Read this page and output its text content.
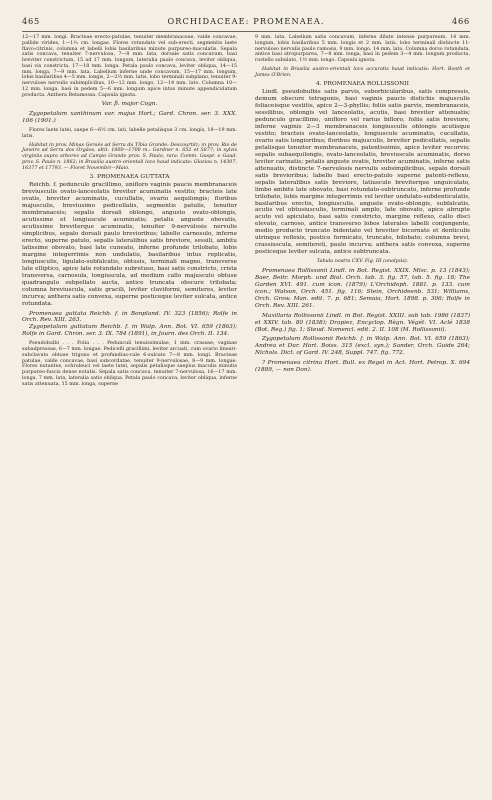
465	ORCHIDACEAE: PROMENAEA.	466

12—17 mm. longi. Bracteae erecto-patulae, tenuiter membranaceae, valde concavae, pallide virides, 1—1⅓ cm. longae. Flores rotundato vel sub-erecti, segmentis laete flavo-citrinis, columna et labelli lobis basilaribus minute purpureo-maculatis. Sepala satis concava, tenuiter 7-nervulosa, 7—8 mm. lata, dorsale satis concavum, basi breviter constrictum, 15 ad 17 mm. longum, lateralia paulo concava, leviter obliqua, basi vix constricta, 17—18 mm. longa. Petala paulo concava, leviter obliqua, 14—15 mm. longa, 7—9 mm. lata. Labellum inferne unde concavum, 15—17 mm. longum, lobis basilaribus 4—5 mm. longis, 2—2½ mm. latis, lobo terminali subplano, tenuiter 9-nervulose nervulis subimplicibus, 10—12 mm. longo, 12—14 mm. lato. Columna 10—12 mm. longa, basi in pedem 5—6 mm. longum apice intus minute appendiculatum producta. Anthera Retamossa. Capsula ignota.

Var. β. major Cogn.

Zygopetalum xanthinum var. majus Hort.; Gard. Chron. ser. 3. XXX. 106 (1901.)

Flores laete lutei, saepe 6—6½ cm. lati, labelle petalisque 3 cm. longis, 18—19 mm. latis.

Habitat in prov. Minas Geraës ad Serra da Tibia Grande: Descourtilz; in prov. Rio de Janeiro ad Serra dos Orgãos, altit. 1600—1700 m.: Gardner n. 652 et 5877; in sylvis virginiis supra arbores ad Campo Grande prov. S. Paulo, rara: Comm. Gaspr. e Gaud. prov. S. Paulo n. 1862; in Brasilia austro-orientali loco haud indicato: Glaziou n. 14307, 16377 et 17793. — Floret Novembri—Maio.

3. PROMENAEA GUTTATA

Reichb. f. pedunculo gracillimo, unifloro vaginis paucis membranaceis breviusculis ovato-lanceolatis breviter acuminatis vestito; bracteis late ovatis, breviter acuminatis, cucullatis, ovario aequilongis; floribus majusculis, breviusimo pedicellatis, segmentis patulis, tenuiter membranaceis; sepalis dorsali oblongo, angusto ovato-oblongis, acutissime et longiuscule acuminatis; petalis anguste obovatis, acutissime breviterque acuminatis, tenuiter 9-nervulosis nervulis simplicibus, sepalo dorsali paulo brevioribus; labello carnosulo, inferne erecto, superne patulo, sepalis lateralibus satis breviore, sessili, ambitu latissime obovato, basi late cuneato, inferne profunde trilobato, lobis margine integerrimis non undulatis, basilaribus intus replicatis, longiusculis, ligulato-subfalcatis, obtusis, terminali magno, transverse late elliptico, apice late rotundato subretuso, basi satis constricto, crista transversa, carnosula, longiuscula, ad medium callo majusculo obtuse quadrangulo subpellato aucta, antice truncata obscure trilobata; columna breviuscula, satis gracili, leviter claviformi, semiteres, leviter incurva; anthera satis convexa, superne posticeque leviter sulcata, antice rotundata.

Promenaea guttata Reichb. f. in Bonpland. IV. 323 (1856); Rolfe in Orch. Rev. XIII. 263.

Zygopetalum guttatum Reichb. f. in Walp. Ann. Bot. VI. 659 (1863); Rolfe in Gard. Chron. ser. 3. IX. 784 (1891), in Journ. des Orch. II. 134.

Pseudobulbi . . . Folia . . . Pedunculi tenuissimulae, 1 mm. crassae; vaginae subadpressae, 6—7 mm. longae. Pedicelli gracillimi, leviter arcuati, cum ovario lineari-subclavato obtuse trigono et profundius-cule 6-sulcato 7—8 mm. longi. Bracteae patulae, valde concavae, basi subcordatae, tenuiter 9-nervulosae, 8—9 mm. longae. Flores nutantes, ochroleuci vel laete lutei, sepalis petalisque saepius maculis minutis purpureo-fuscis dense notatis. Sepala satis concava, tenuiter 7-nervulosa, 16—17 mm. longa, 7 mm. lata, lateralia satis obliqua. Petala paulo concava, leviter obliqua, inferne satis attenuata, 15 mm. longa, superne

9 mm. lata. Labellum satis concavum, inferne dilute intense purpureum, 14 mm. longum, lobis basilaribus 5 mm. longis et 2 mm. latis, lobo terminali distincte 11-nervuloso nervulis paulo ramosis, 9 mm. longo, 14 mm. lato. Columna dorso rotundata, antice basi atropurpurea, 7—8 mm. longa, basi in pedem 3—4 mm. longum producta, rostello subulato, 1½ mm. longo. Capsula ignota.

Habitat in Brasilia austro-orientali loco accuratis haud indicatis: Hort. Booth et James O'Brien.

4. PROMENAEA ROLLISSONII

Lindl. pseudobulbis satis parvis, suborbicularibus, satis compressis, demum obscure tetragonis, basi vaginis paucis distichis majusculis foliaceisque vestitis, apice 2—3-phyllis; foliis satis parvis, membranaceis, sessilibus, oblongis vel lanceolatis, acutis, basi breviter attenuatis; pedunculo gracillimo, unifloro vel rarius bifloro, foliis satis breviore, inferne vaginis 2—3 membranaceis longiusculis oblongis acutisque vestito; bracteis ovato-lanceolatis, longiuscule acuminatis, cucullatis, ovario satis longioribus; floribus majusculis, breviter pedicellatis, sepalis petalisque tenuiter membranaceis, patentissimis, apice leviter recurvis; sepalis subaequilongis, ovato-lanceolatis, breviuscule acuminatis, dorso leviter carinatis; petalis anguste ovatis, breviter acuminatis, inferne satis attenuatis, distincte 7-nervulosis nervulis subsimplicibus, sepalo dorsali satis brevioribus; labello basi erecto-patulo superne patenti-reflexo, sepalis lateralibus satis breviore, latiuscule breviterque unguiculato, limbo ambitu late obovato, basi rotundato-subtruncato, inferne profunde trilobato, lobis margine integerrimis vel leviter undulato-subdenticulatis, basilaribus erectis, longiusculis, anguste ovato-oblongis, subfalcatis, acutis vel obtusiusculis, terminali amplo, late obovato, apice abrupte acuto vel apiculato, basi satis constricto, margine reflexo, callo disci elevato, carnoso, antice transverso lobos laterales labelli conjungente, medio producto truncato bidentato vel breviter bicornato et denticulis utrinque reflexis, postice formicato, truncato, bilobato; columna brevi, crassiuscula, semiteretì, paulo incurva; anthera satis convexa, superne posticeque leviter sulcata, antice subtruncata.

Tabula nostra CXV. Fig. III (analysis).

Promenaea Rollissonii Lindl. in Bot. Regist. XXIX. Misc. p. 13 (1843); Baer, Beitr. Morph. und Biol. Orch. tab. 3. fig. 57, tab. 5. fig. 18; The Garden XVI. 491. cum icon. (1879); L'Orchidoph. 1881. p. 133. cum icon.; Watson, Orch. 451. fig. 116; Stein, Orchideenb. 531; Williams, Orch. Grow. Man. edit. 7. p. 681; Semaia, Hort. 1898. p. 306; Rolfe in Orch. Rev. XIII. 261.

Maxillaria Rollissonii Lindl. in Bot. Regist. XXIII. sub tab. 1986 (1837) et XXIV. tab. 80 (1838); Drapiez, Encyclop. Règn. Végét. VI. Aclé 1838 (Bot. Reg.) fig. 1; Steud. Nomencl. edit. 2. II. 108 (M. Rollissonii).

Zygopetalum Rollissonii Reichb. f. in Walp. Ann. Bot. VI. 659 (1863); Andrea et Dur. Hort. Boiss. 315 (excl. syn.); Sander, Orch. Guide 264; Nichols. Dict. of Gard. IV. 248, Suppl. 747. fig. 772.

? Promenaea citrina Hort. Bull. ex Regel in Act. Hort. Petrop. X. 694 (1889, — non Don).
